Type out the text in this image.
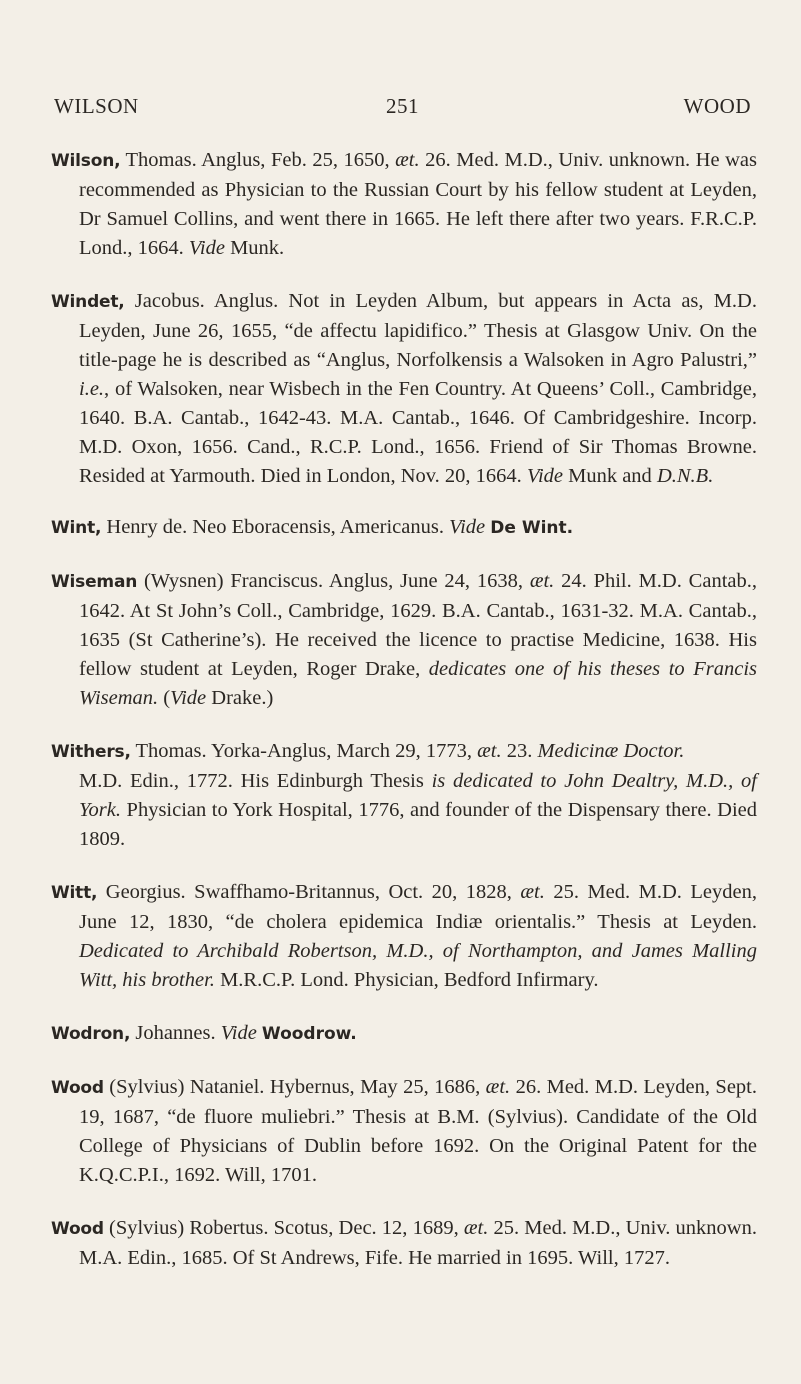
WILSON	251	WOOD

Wilson, Thomas. Anglus, Feb. 25, 1650, æt. 26. Med. M.D., Univ. unknown. He was recommended as Physician to the Russian Court by his fellow student at Leyden, Dr Samuel Collins, and went there in 1665. He left there after two years. F.R.C.P. Lond., 1664. Vide Munk.

Windet, Jacobus. Anglus. Not in Leyden Album, but appears in Acta as, M.D. Leyden, June 26, 1655, “de affectu lapidifico.” Thesis at Glasgow Univ. On the title-page he is described as “Anglus, Norfolkensis a Walsoken in Agro Palustri,” i.e., of Walsoken, near Wisbech in the Fen Country. At Queens’ Coll., Cambridge, 1640. B.A. Cantab., 1642-43. M.A. Cantab., 1646. Of Cambridgeshire. Incorp. M.D. Oxon, 1656. Cand., R.C.P. Lond., 1656. Friend of Sir Thomas Browne. Resided at Yarmouth. Died in London, Nov. 20, 1664. Vide Munk and D.N.B.

Wint, Henry de. Neo Eboracensis, Americanus. Vide De Wint.

Wiseman (Wysnen) Franciscus. Anglus, June 24, 1638, æt. 24. Phil. M.D. Cantab., 1642. At St John’s Coll., Cambridge, 1629. B.A. Cantab., 1631-32. M.A. Cantab., 1635 (St Catherine’s). He received the licence to practise Medicine, 1638. His fellow student at Leyden, Roger Drake, dedicates one of his theses to Francis Wiseman. (Vide Drake.)

Withers, Thomas. Yorka-Anglus, March 29, 1773, æt. 23. Medicinæ Doctor.
M.D. Edin., 1772. His Edinburgh Thesis is dedicated to John Dealtry, M.D., of York. Physician to York Hospital, 1776, and founder of the Dispensary there. Died 1809.

Witt, Georgius. Swaffhamo-Britannus, Oct. 20, 1828, æt. 25. Med. M.D. Leyden, June 12, 1830, “de cholera epidemica Indiæ orientalis.” Thesis at Leyden. Dedicated to Archibald Robertson, M.D., of Northampton, and James Malling Witt, his brother. M.R.C.P. Lond. Physician, Bedford Infirmary.

Wodron, Johannes. Vide Woodrow.

Wood (Sylvius) Nataniel. Hybernus, May 25, 1686, æt. 26. Med. M.D. Leyden, Sept. 19, 1687, “de fluore muliebri.” Thesis at B.M. (Sylvius). Candidate of the Old College of Physicians of Dublin before 1692. On the Original Patent for the K.Q.C.P.I., 1692. Will, 1701.

Wood (Sylvius) Robertus. Scotus, Dec. 12, 1689, æt. 25. Med. M.D., Univ. unknown. M.A. Edin., 1685. Of St Andrews, Fife. He married in 1695. Will, 1727.
